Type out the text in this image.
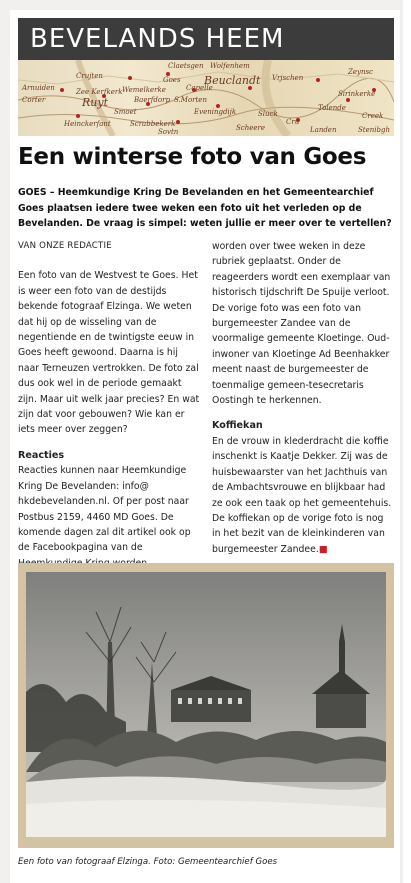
BEVELANDS HEEM
Claetsgen Wolfenhem
Crujten	Goes Beuclandt Vrjschen
Zeynsc
Wemelkerke	Capelle
Arnuiden	Zee Kerfkerk
Ruyt	Baerfdorp S.Morten
Corter
Smoet	Eveningdijk	Sluck
Heinckerfant	Scrabbekerk
Sovtn	Scheere
Cru
Stenibgh
Creek
Tolende
Sirinkerke
Landen
Een winterse foto van Goes

GOES – Heemkundige Kring De Bevelanden en het Gemeentearchief Goes plaatsen iedere twee weken een foto uit het verleden op de Bevelanden. De vraag is simpel: weten jullie er meer over te vertellen?

VAN ONZE REDACTIE

Een foto van de Westvest te Goes. Het is weer een foto van de destijds bekende fotograaf Elzinga. We weten dat hij op de wisseling van de negentiende en de twintigste eeuw in Goes heeft gewoond. Daarna is hij naar Terneuzen vertrokken. De foto zal dus ook wel in de periode gemaakt zijn. Maar uit welk jaar precies? En wat zijn dat voor gebouwen? Wie kan er iets meer over zeggen?

Reacties

Reacties kunnen naar Heemkundige Kring De Bevelanden: info@ hkdebevelanden.nl. Of per post naar Postbus 2159, 4460 MD Goes. De komende dagen zal dit artikel ook op de Facebookpagina van de

worden over twee weken in deze rubriek geplaatst. Onder de reageerders wordt een exemplaar van historisch tijdschrift De Spuije verloot.

De vorige foto was een foto van burgemeester Zandee van de voormalige gemeente Kloetinge. Oud-inwoner van Kloetinge Ad Beenhakker meent naast de burgemeester de toenmalige gemeen-tesecretaris Oostingh te herkennen.

Koffiekan

En de vrouw in klederdracht die koffie inschenkt is Kaatje Dekker. Zij was de huisbewaarster van het Jachthuis van de Ambachtsvrouwe en blijkbaar had ze ook een taak op het gemeentehuis. De koffiekan op de vorige foto is nog in het bezit van de kleinkinderen van burgemeester Zandee.■

Een foto van fotograaf Elzinga. Foto: Gemeentearchief Goes
